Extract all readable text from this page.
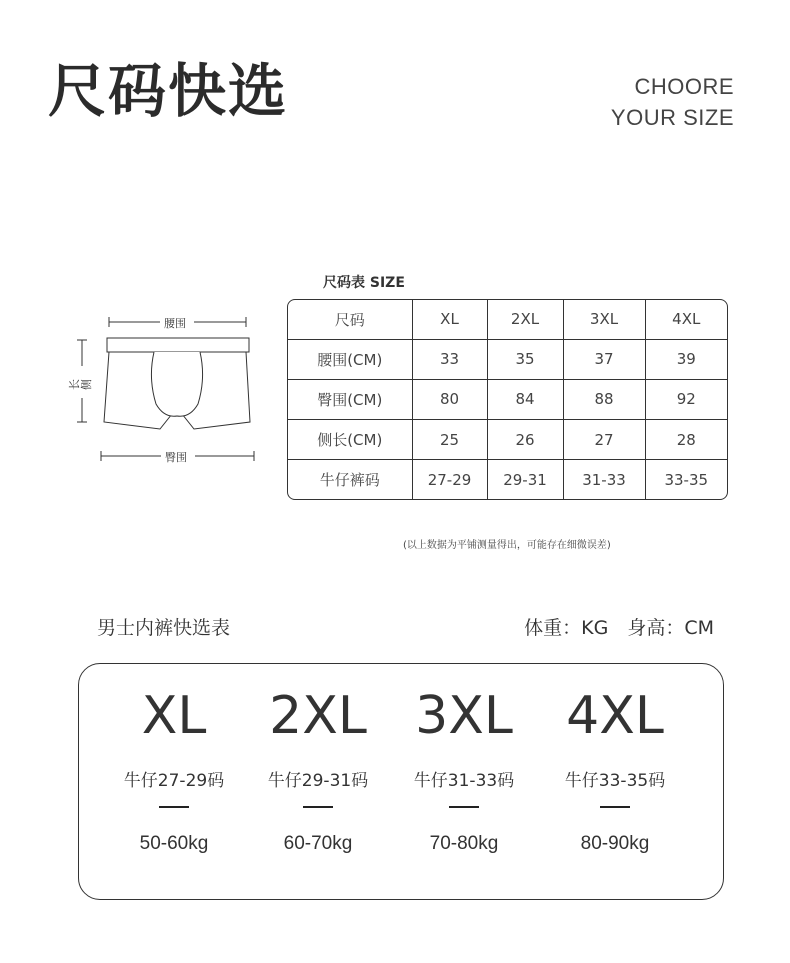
尺码快选	CHOORE
YOUR SIZE
腰围
臀围
长侧
尺码表 SIZE
尺码	XL	2XL	3XL	4XL
腰围(CM)	33	35	37	39
臀围(CM)	80	84	88	92
侧长(CM)	25	26	27	28
牛仔裤码	27-29	29-31	31-33	33-35
(以上数据为平铺测量得出，可能存在细微误差)
男士内裤快选表	体重：KG　身高：CM
XL
牛仔27-29码
50-60kg
2XL
牛仔29-31码
60-70kg
3XL
牛仔31-33码
70-80kg
4XL
牛仔33-35码
80-90kg
